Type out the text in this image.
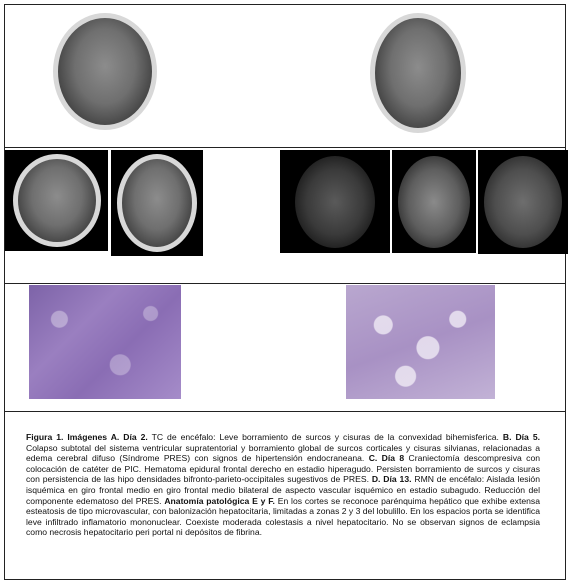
Figura 1. Imágenes A. Día 2. TC de encéfalo: Leve borramiento de surcos y cisuras de la convexidad bihemisferica. B. Día 5. Colapso subtotal del sistema ventricular supratentorial y borramiento global de surcos corticales y cisuras silvianas, relacionadas a edema cerebral difuso (Síndrome PRES) con signos de hipertensión endocraneana. C. Día 8 Craniectomía descompresiva con colocación de catéter de PIC. Hematoma epidural frontal derecho en estadio hiperagudo. Persisten borramiento de surcos y cisuras con persistencia de las hipo densidades bifronto-parieto-occipitales sugestivos de PRES. D. Día 13. RMN de encéfalo: Aislada lesión isquémica en giro frontal medio en giro frontal medio bilateral de aspecto vascular isquémico en estadio subagudo. Reducción del componente edematoso del PRES. Anatomía patológica E y F. En los cortes se reconoce parénquima hepático que exhibe extensa esteatosis de tipo microvascular, con balonización hepatocitaria, limitadas a zonas 2 y 3 del lobulillo. En los espacios porta se identifica leve infiltrado inflamatorio mononuclear. Coexiste moderada colestasis a nivel hepatocitario. No se observan signos de eclampsia como necrosis hepatocitario peri portal ni depósitos de fibrina.
